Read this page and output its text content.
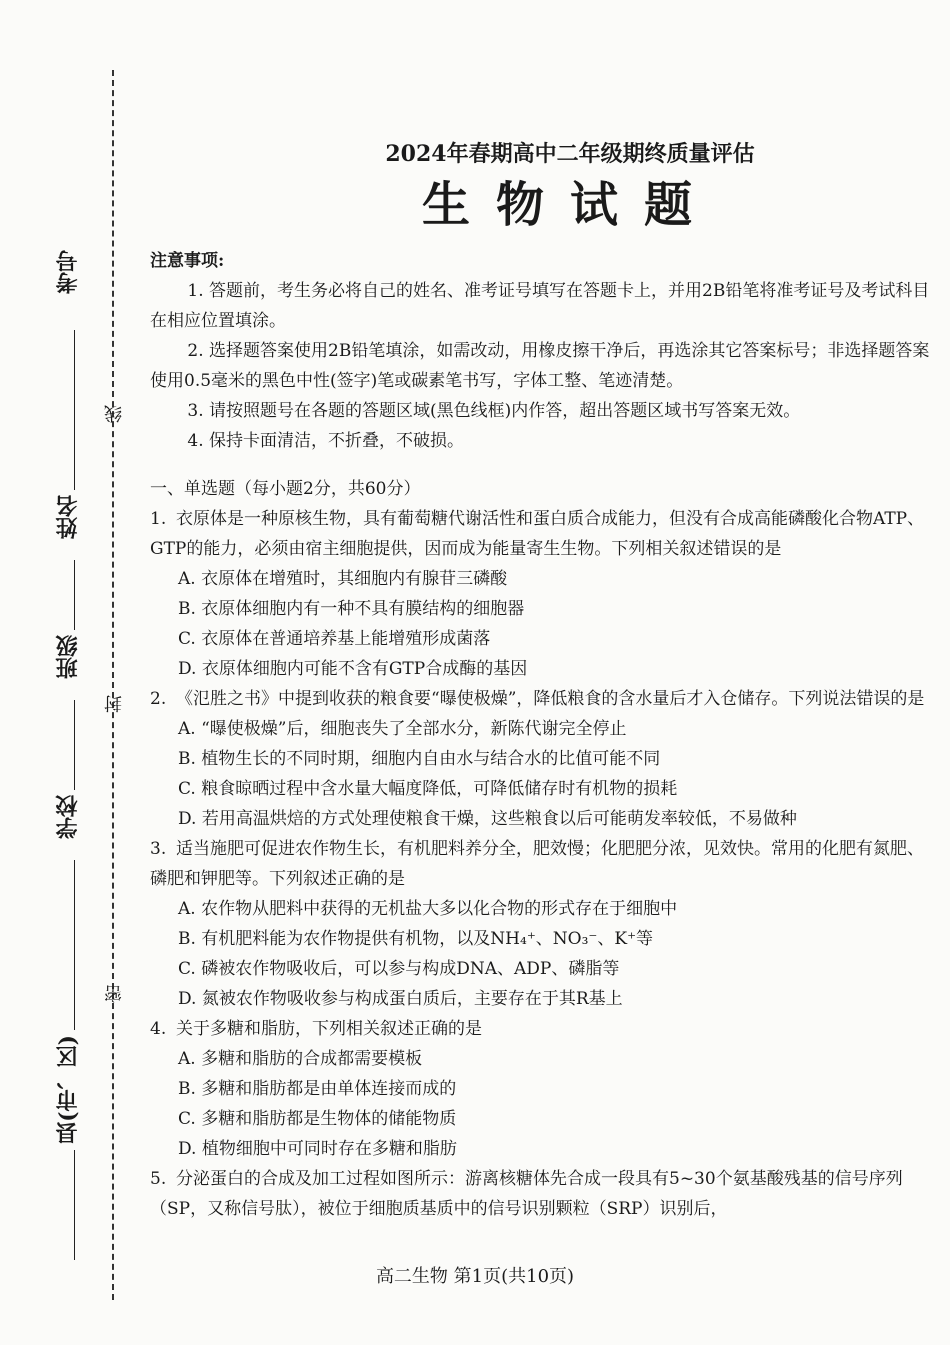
考号
姓名
班级
学校
县(市、区)
线
封
密
2024年春期高中二年级期终质量评估
生物试题
注意事项:

1. 答题前，考生务必将自己的姓名、准考证号填写在答题卡上，并用2B铅笔将准考证号及考试科目在相应位置填涂。

2. 选择题答案使用2B铅笔填涂，如需改动，用橡皮擦干净后，再选涂其它答案标号；非选择题答案使用0.5毫米的黑色中性(签字)笔或碳素笔书写，字体工整、笔迹清楚。

3. 请按照题号在各题的答题区域(黑色线框)内作答，超出答题区域书写答案无效。

4. 保持卡面清洁，不折叠，不破损。

一、单选题（每小题2分，共60分）
1. 衣原体是一种原核生物，具有葡萄糖代谢活性和蛋白质合成能力，但没有合成高能磷酸化合物ATP、GTP的能力，必须由宿主细胞提供，因而成为能量寄生生物。下列相关叙述错误的是
A. 衣原体在增殖时，其细胞内有腺苷三磷酸
B. 衣原体细胞内有一种不具有膜结构的细胞器
C. 衣原体在普通培养基上能增殖形成菌落
D. 衣原体细胞内可能不含有GTP合成酶的基因
2. 《氾胜之书》中提到收获的粮食要“曝使极燥”，降低粮食的含水量后才入仓储存。下列说法错误的是
A. “曝使极燥”后，细胞丧失了全部水分，新陈代谢完全停止
B. 植物生长的不同时期，细胞内自由水与结合水的比值可能不同
C. 粮食晾晒过程中含水量大幅度降低，可降低储存时有机物的损耗
D. 若用高温烘焙的方式处理使粮食干燥，这些粮食以后可能萌发率较低，不易做种
3. 适当施肥可促进农作物生长，有机肥料养分全，肥效慢；化肥肥分浓，见效快。常用的化肥有氮肥、磷肥和钾肥等。下列叙述正确的是
A. 农作物从肥料中获得的无机盐大多以化合物的形式存在于细胞中
B. 有机肥料能为农作物提供有机物，以及NH₄⁺、NO₃⁻、K⁺等
C. 磷被农作物吸收后，可以参与构成DNA、ADP、磷脂等
D. 氮被农作物吸收参与构成蛋白质后，主要存在于其R基上
4. 关于多糖和脂肪，下列相关叙述正确的是
A. 多糖和脂肪的合成都需要模板
B. 多糖和脂肪都是由单体连接而成的
C. 多糖和脂肪都是生物体的储能物质
D. 植物细胞中可同时存在多糖和脂肪
5. 分泌蛋白的合成及加工过程如图所示：游离核糖体先合成一段具有5~30个氨基酸残基的信号序列（SP，又称信号肽），被位于细胞质基质中的信号识别颗粒（SRP）识别后，
高二生物 第1页(共10页)
